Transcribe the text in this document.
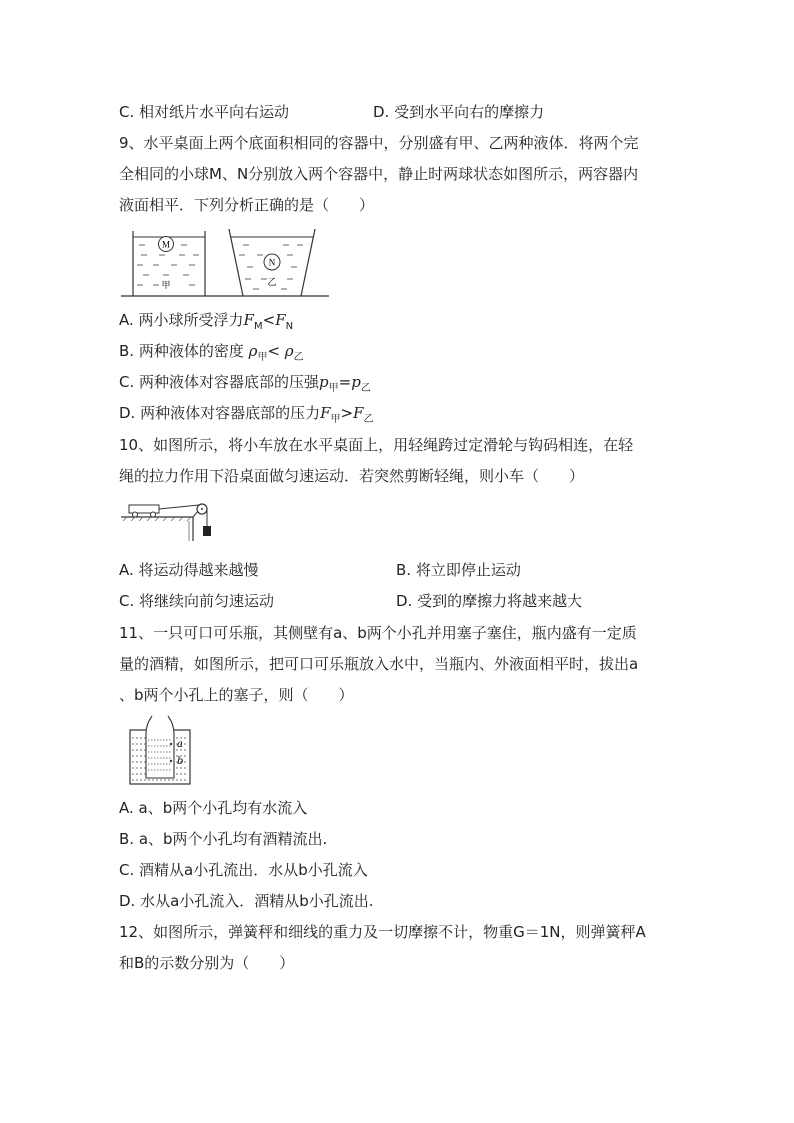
C. 相对纸片水平向右运动	D. 受到水平向右的摩擦力
9、水平桌面上两个底面积相同的容器中，分别盛有甲、乙两种液体．将两个完
全相同的小球M、N分别放入两个容器中，静止时两球状态如图所示，两容器内
液面相平．下列分析正确的是（　　）
M
甲
N
乙
A. 两小球所受浮力$F_M<F_N$
B. 两种液体的密度 $\rho_甲< \rho_乙$
C. 两种液体对容器底部的压强$p_甲=p_乙$
D. 两种液体对容器底部的压力$F_甲>F_乙$
10、如图所示，将小车放在水平桌面上，用轻绳跨过定滑轮与钩码相连，在轻
绳的拉力作用下沿桌面做匀速运动．若突然剪断轻绳，则小车（　　）
A. 将运动得越来越慢	B. 将立即停止运动
C. 将继续向前匀速运动	D. 受到的摩擦力将越来越大
11、一只可口可乐瓶，其侧壁有a、b两个小孔并用塞子塞住，瓶内盛有一定质
量的酒精，如图所示，把可口可乐瓶放入水中，当瓶内、外液面相平时，拔出a
、b两个小孔上的塞子，则（　　）
a
b
A. a、b两个小孔均有水流入
B. a、b两个小孔均有酒精流出.
C. 酒精从a小孔流出．水从b小孔流入
D. 水从a小孔流入．酒精从b小孔流出.
12、如图所示，弹簧秤和细线的重力及一切摩擦不计，物重G＝1N，则弹簧秤A
和B的示数分别为（　　）
